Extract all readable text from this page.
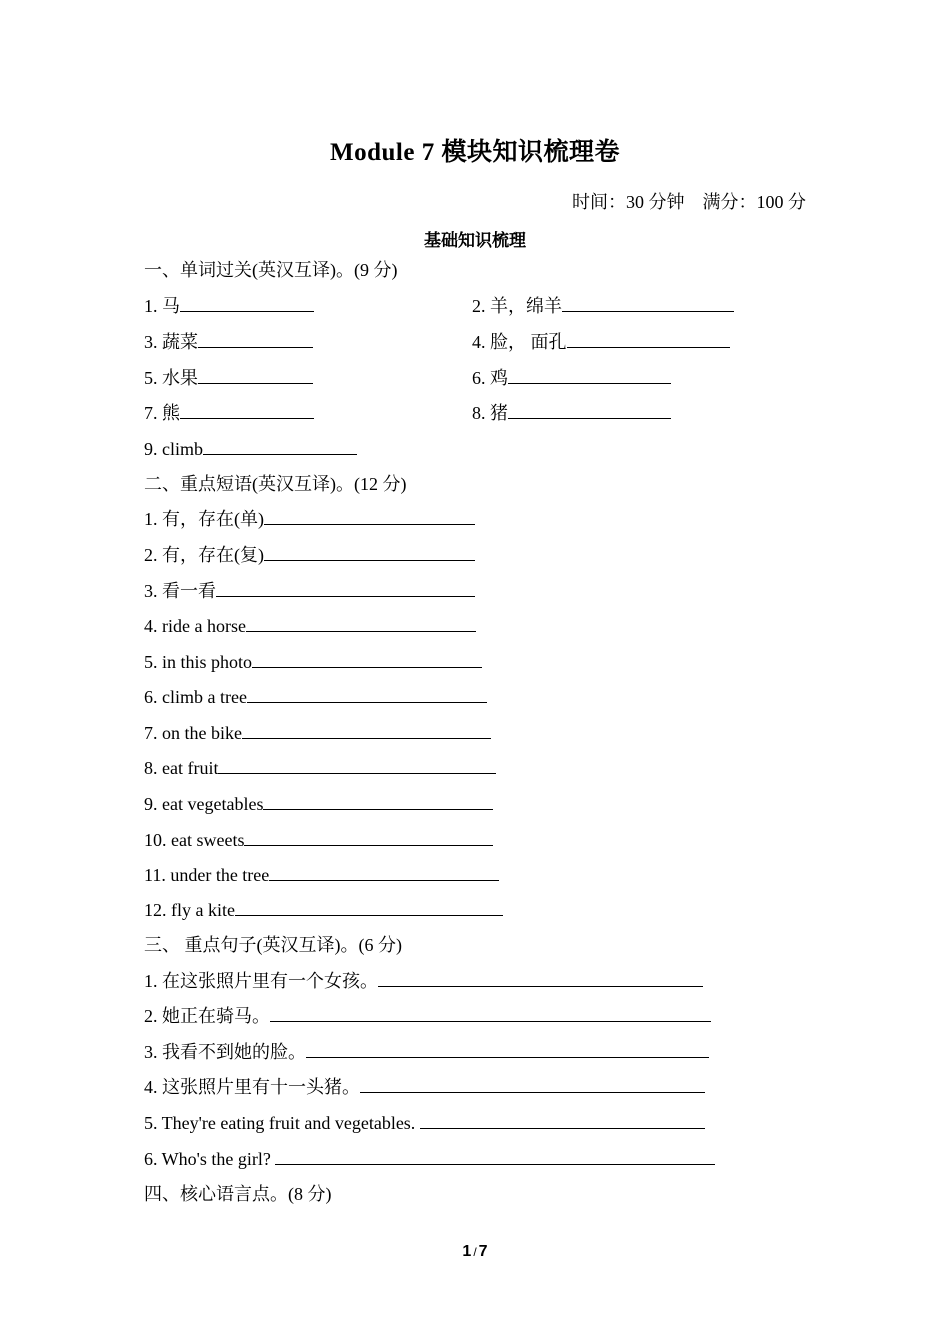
Module 7 模块知识梳理卷
时间：30 分钟    满分：100 分
基础知识梳理
一、单词过关(英汉互译)。(9 分)
1. 马	2. 羊，绵羊
3. 蔬菜	4. 脸， 面孔
5. 水果	6. 鸡
7. 熊	8. 猪
9. climb
二、重点短语(英汉互译)。(12 分)
1. 有，存在(单)
2. 有，存在(复)
3. 看一看
4. ride a horse
5. in this photo
6. climb a tree
7. on the bike
8. eat fruit
9. eat vegetables
10. eat sweets
11. under the tree
12. fly a kite
三、 重点句子(英汉互译)。(6 分)
1. 在这张照片里有一个女孩。
2. 她正在骑马。
3. 我看不到她的脸。
4. 这张照片里有十一头猪。
5. They're eating fruit and vegetables.
6. Who's the girl?
四、核心语言点。(8 分)
1 / 7
